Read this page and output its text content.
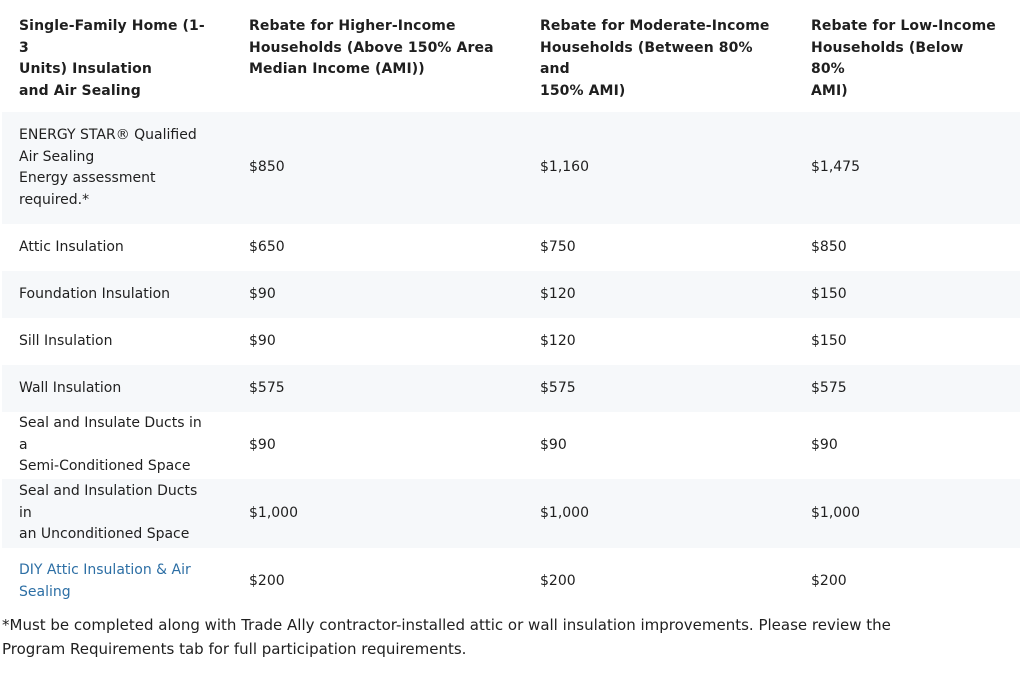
Single-Family Home (1-3
Units) Insulation
and Air Sealing	Rebate for Higher-Income
Households (Above 150% Area
Median Income (AMI))	Rebate for Moderate-Income
Households (Between 80% and
150% AMI)	Rebate for Low-Income
Households (Below 80%
AMI)

ENERGY STAR® Qualified
Air Sealing
Energy assessment
required.*	$850	$1,160	$1,475

Attic Insulation	$650	$750	$850

Foundation Insulation	$90	$120	$150

Sill Insulation	$90	$120	$150

Wall Insulation	$575	$575	$575

Seal and Insulate Ducts in a
Semi-Conditioned Space	$90	$90	$90

Seal and Insulation Ducts in
an Unconditioned Space	$1,000	$1,000	$1,000

DIY Attic Insulation & Air
Sealing	$200	$200	$200

*Must be completed along with Trade Ally contractor-installed attic or wall insulation improvements. Please review the
Program Requirements tab for full participation requirements.
